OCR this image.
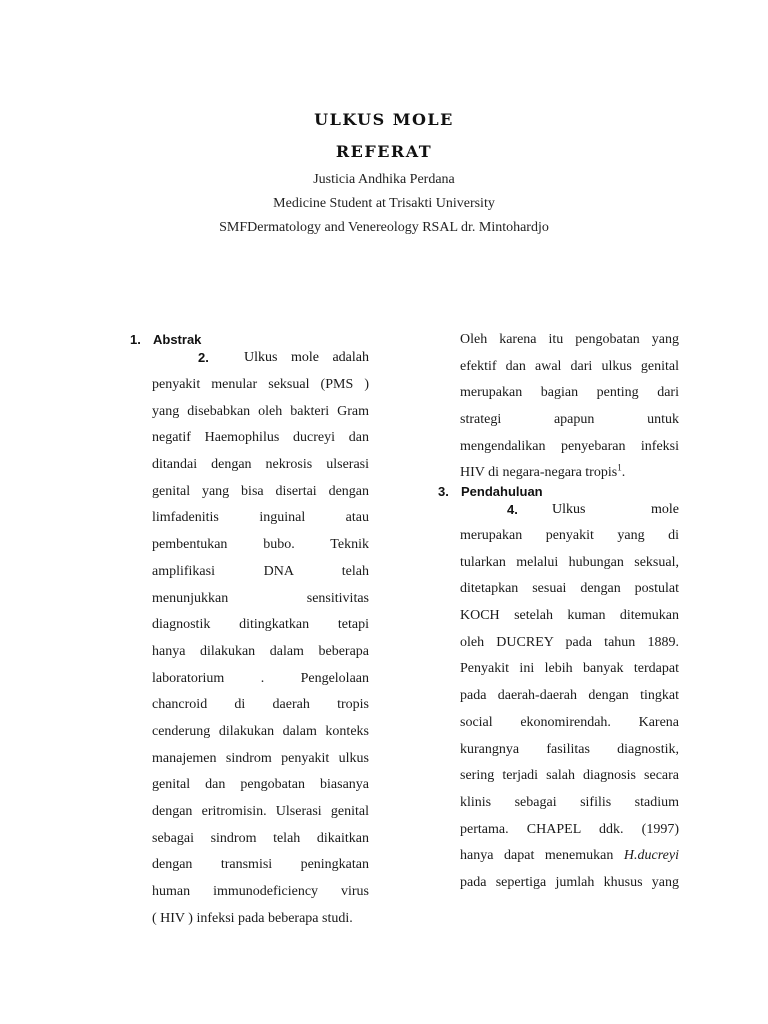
ULKUS MOLE
REFERAT
Justicia Andhika Perdana
Medicine Student at Trisakti University
SMFDermatology and Venereology RSAL dr. Mintohardjo
1. Abstrak
2.	Ulkus mole adalah
penyakit menular seksual (PMS )
yang disebabkan oleh bakteri Gram
negatif Haemophilus ducreyi dan
ditandai dengan nekrosis ulserasi
genital yang bisa disertai dengan
limfadenitis inguinal atau
pembentukan bubo. Teknik
amplifikasi DNA telah
menunjukkan sensitivitas
diagnostik ditingkatkan tetapi
hanya dilakukan dalam beberapa
laboratorium . Pengelolaan
chancroid di daerah tropis
cenderung dilakukan dalam konteks
manajemen sindrom penyakit ulkus
genital dan pengobatan biasanya
dengan eritromisin. Ulserasi genital
sebagai sindrom telah dikaitkan
dengan transmisi peningkatan
human immunodeficiency virus
( HIV ) infeksi pada beberapa studi.
Oleh karena itu pengobatan yang
efektif dan awal dari ulkus genital
merupakan bagian penting dari
strategi apapun untuk
mengendalikan penyebaran infeksi
HIV di negara-negara tropis$^1$.
3. Pendahuluan
4. Ulkus mole
merupakan penyakit yang di
tularkan melalui hubungan seksual,
ditetapkan sesuai dengan postulat
KOCH setelah kuman ditemukan
oleh DUCREY pada tahun 1889.
Penyakit ini lebih banyak terdapat
pada daerah-daerah dengan tingkat
social ekonomirendah. Karena
kurangnya fasilitas diagnostik,
sering terjadi salah diagnosis secara
klinis sebagai sifilis stadium
pertama. CHAPEL ddk. (1997)
hanya dapat menemukan H.ducreyi
pada sepertiga jumlah khusus yang
